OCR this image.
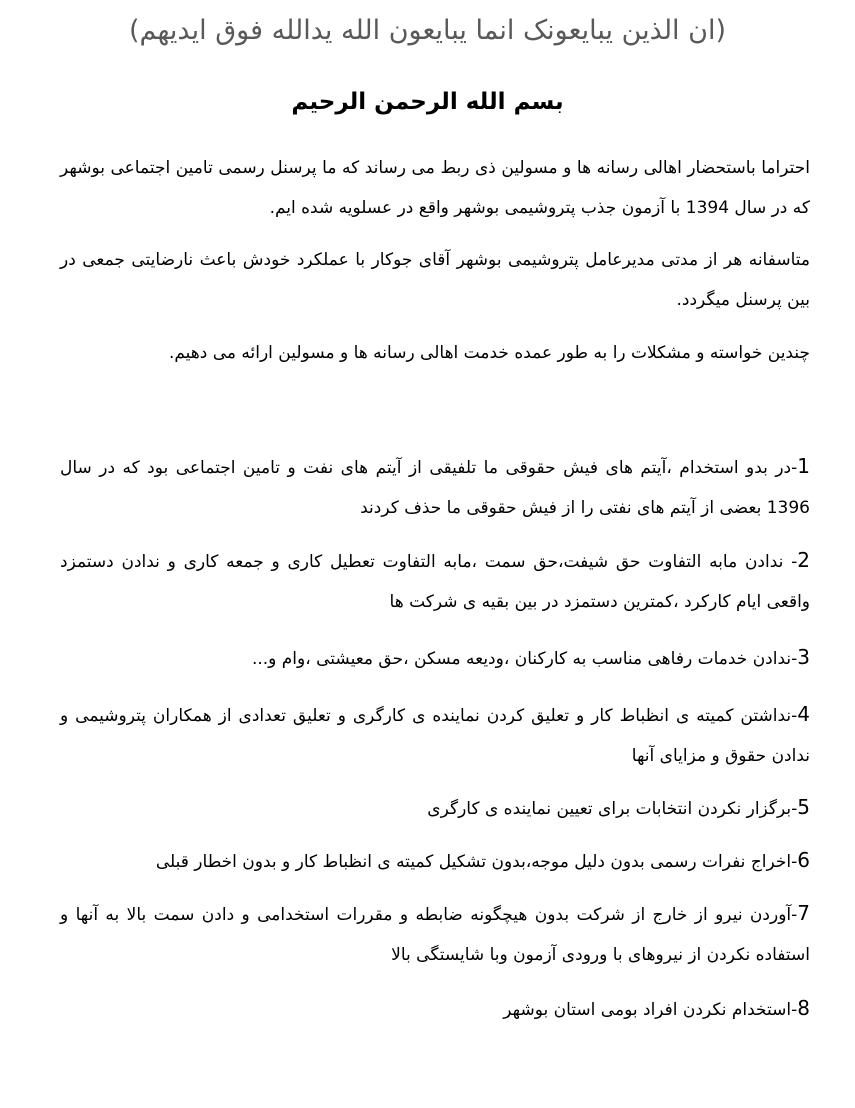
(ان الذین یبایعونک انما یبایعون الله یدالله فوق ایدیهم)
بسم الله الرحمن الرحیم

احتراما باستحضار اهالی رسانه ها و مسولین ذی ربط می رساند که ما پرسنل رسمی تامین اجتماعی بوشهر که در سال 1394 با آزمون جذب پتروشیمی بوشهر واقع در عسلویه شده ایم.

متاسفانه هر از مدتی مدیرعامل پتروشیمی بوشهر آقای جوکار با عملکرد خودش باعث نارضایتی جمعی در بین پرسنل میگردد.

چندین خواسته و مشکلات را به طور عمده خدمت اهالی رسانه ها و مسولین ارائه می دهیم.

1-در بدو استخدام ،آیتم های فیش حقوقی ما تلفیقی از آیتم های نفت و تامین اجتماعی بود که در سال 1396 بعضی از آیتم های نفتی را از فیش حقوقی ما حذف کردند

2- ندادن مابه التفاوت حق شیفت،حق سمت ،مابه التفاوت تعطیل کاری و جمعه کاری و ندادن دستمزد واقعی ایام کارکرد ،کمترین دستمزد در بین بقیه ی شرکت ها

3-ندادن خدمات رفاهی مناسب به کارکنان ،ودیعه مسکن ،حق معیشتی ،وام و...

4-نداشتن کمیته ی انظباط کار و تعلیق کردن نماینده ی کارگری و تعلیق تعدادی از همکاران پتروشیمی و ندادن حقوق و مزایای آنها

5-برگزار نکردن انتخابات برای تعیین نماینده ی کارگری

6-اخراج نفرات رسمی بدون دلیل موجه،بدون تشکیل کمیته ی انظباط کار و بدون اخطار قبلی

7-آوردن نیرو از خارج از شرکت بدون هیچگونه ضابطه و مقررات استخدامی و دادن سمت بالا به آنها و استفاده نکردن از نیروهای با ورودی آزمون وبا شایستگی بالا

8-استخدام نکردن افراد بومی استان بوشهر
